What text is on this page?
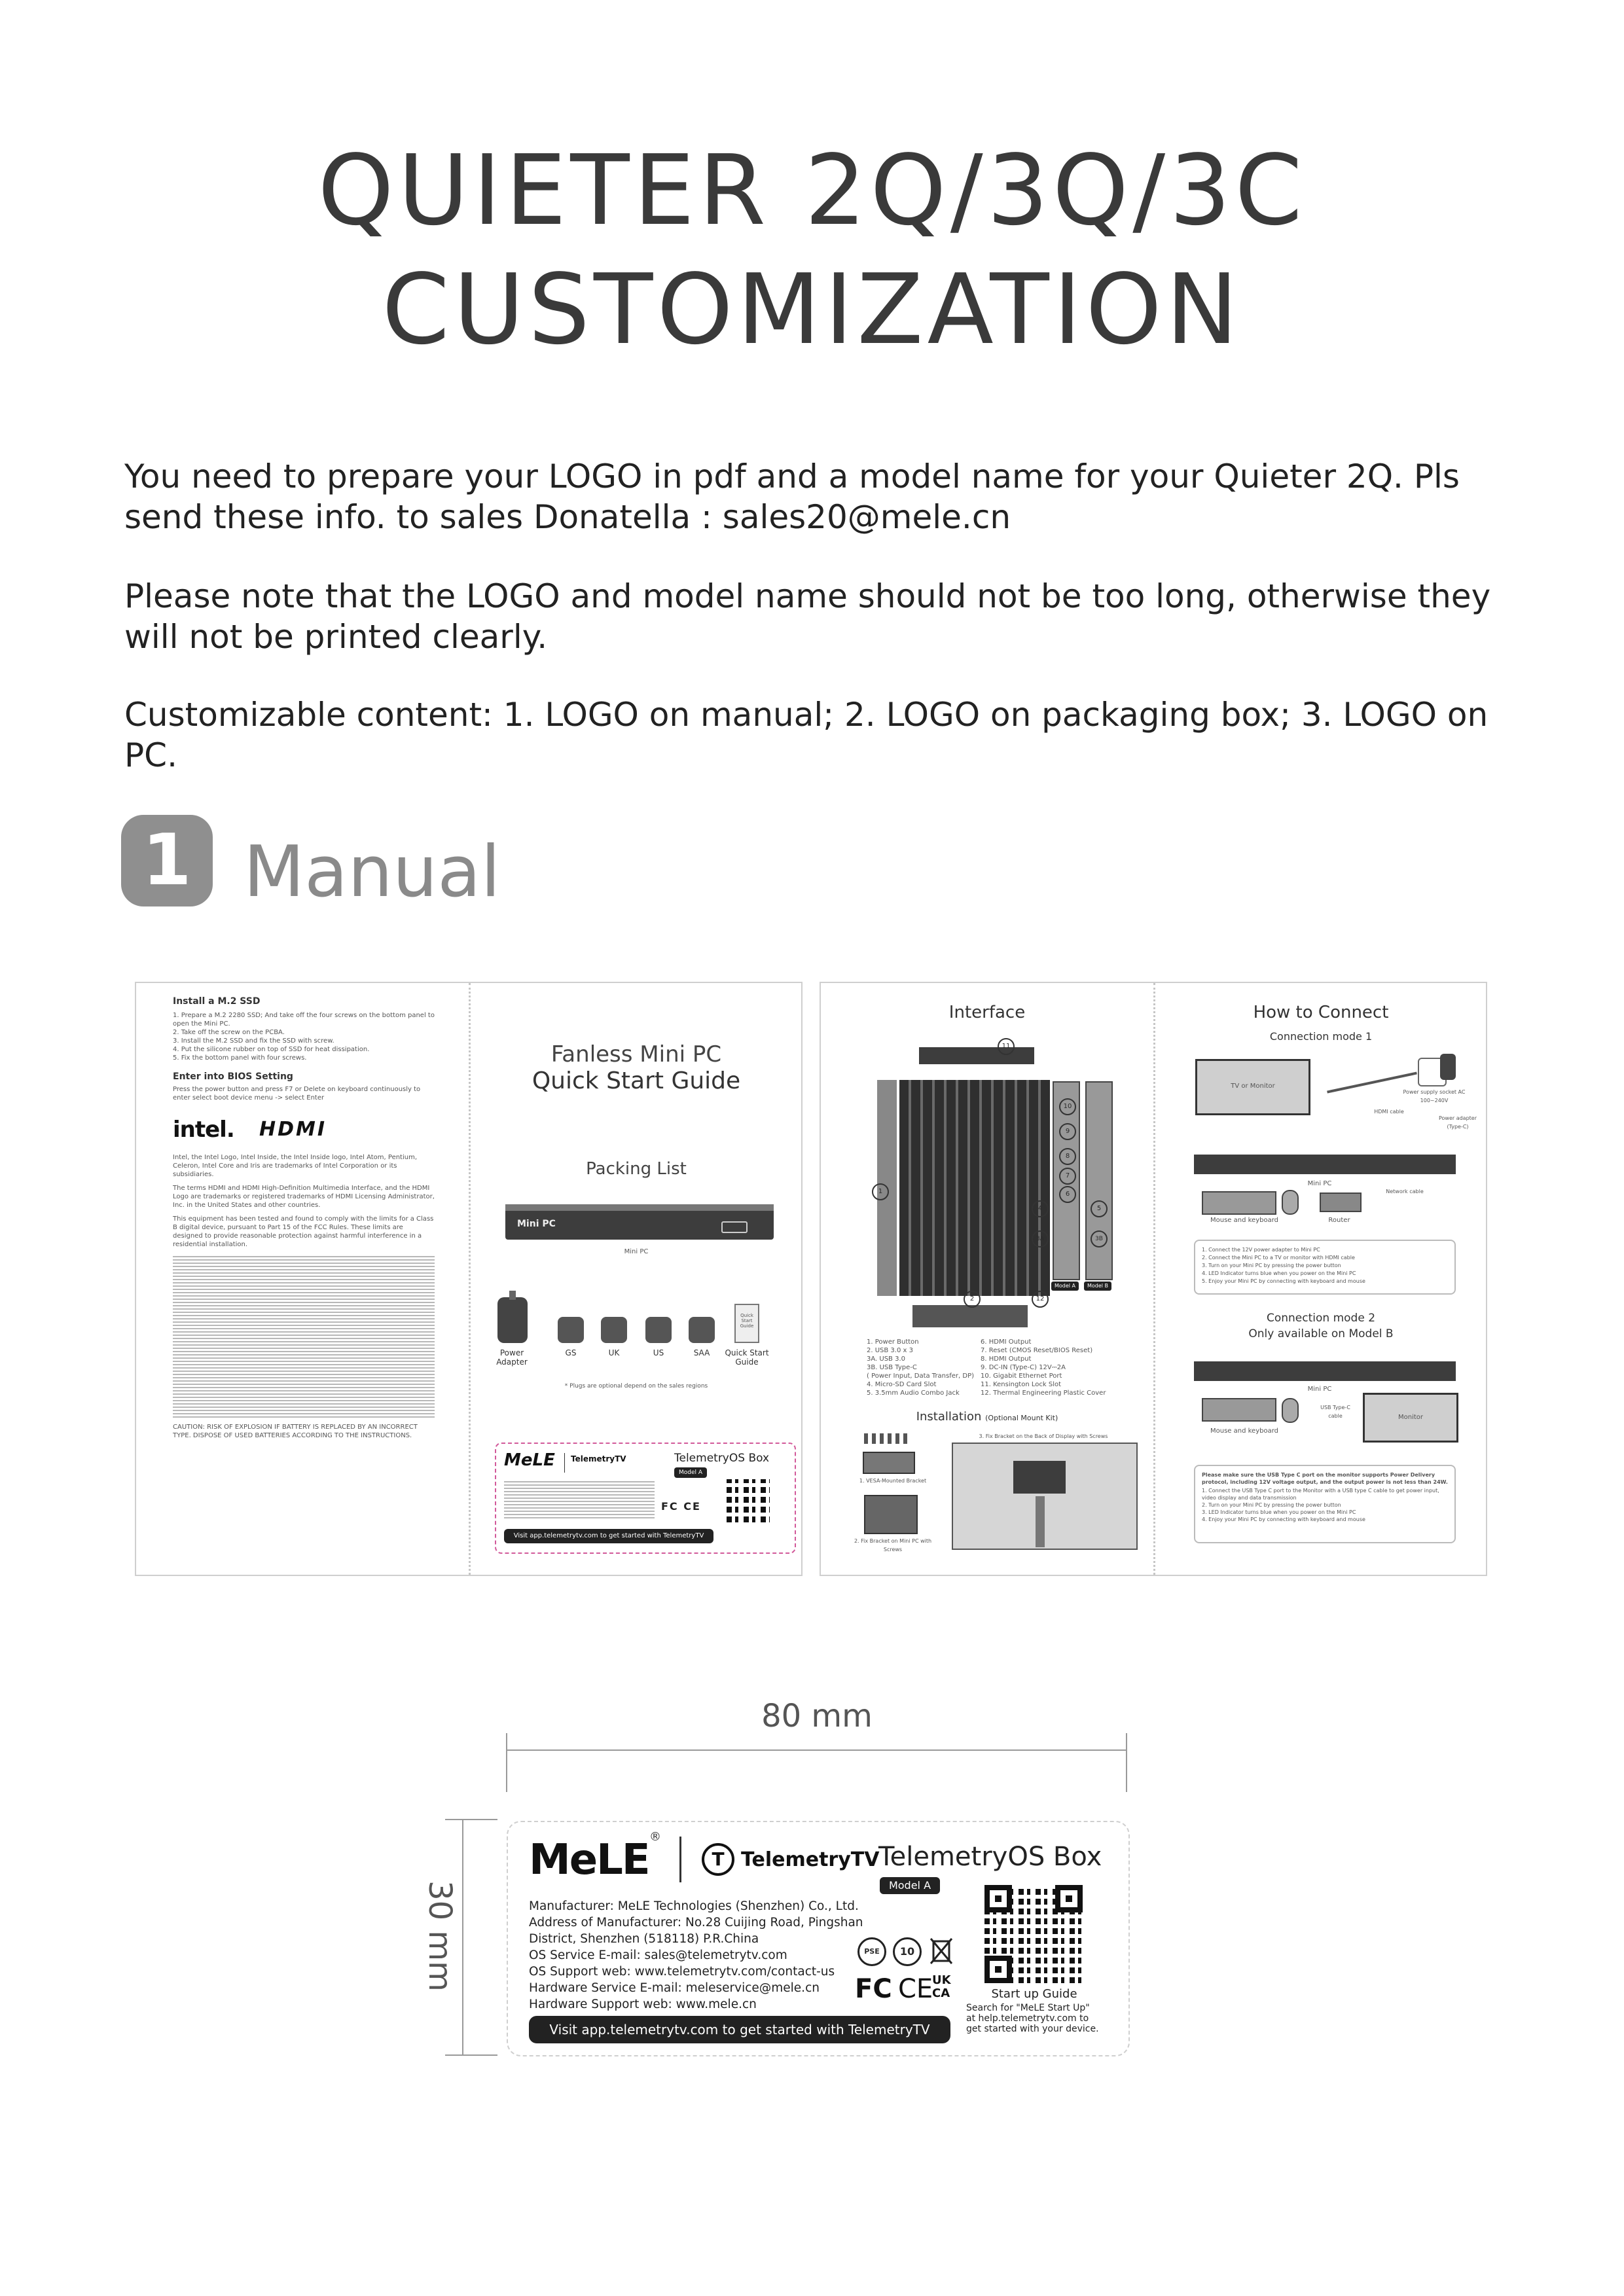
QUIETER 2Q/3Q/3C
CUSTOMIZATION
You need to prepare your LOGO in pdf and a model name for your Quieter 2Q. Pls send these info. to sales Donatella : sales20@mele.cn
Please note that the LOGO and model name should not be too long, otherwise they will not be printed clearly.
Customizable content: 1. LOGO on manual; 2. LOGO on packaging box; 3. LOGO on PC.
1 Manual
Install a M.2 SSD
1. Prepare a M.2 2280 SSD; And take off the four screws on the bottom panel to open the Mini PC.
2. Take off the screw on the PCBA.
3. Install the M.2 SSD and fix the SSD with screw.
4. Put the silicone rubber on top of SSD for heat dissipation.
5. Fix the bottom panel with four screws.
Enter into BIOS Setting
Press the power button and press F7 or Delete on keyboard continuously to enter select boot device menu -> select Enter
intel. HDMI
Intel, the Intel Logo, Intel Inside, the Intel Inside logo, Intel Atom, Pentium, Celeron, Intel Core and Iris are trademarks of Intel Corporation or its subsidiaries.
The terms HDMI and HDMI High-Definition Multimedia Interface, and the HDMI Logo are trademarks or registered trademarks of HDMI Licensing Administrator, Inc. in the United States and other countries.
This equipment has been tested and found to comply with the limits for a Class B digital device, pursuant to Part 15 of the FCC Rules. These limits are designed to provide reasonable protection against harmful interference in a residential installation.
CAUTION: RISK OF EXPLOSION IF BATTERY IS REPLACED BY AN INCORRECT TYPE. DISPOSE OF USED BATTERIES ACCORDING TO THE INSTRUCTIONS.
Fanless Mini PC
Quick Start Guide
Packing List
Mini PC
Mini PC
Quick Start Guide
Power Adapter
GS	UK	US	SAA	Quick Start Guide
* Plugs are optional depend on the sales regions
MeLE TelemetryTV	TelemetryOS Box
Model A
FC CE
Visit app.telemetrytv.com to get started with TelemetryTV
Interface
Model A	Model B
11
10
9
8
7
6
5
3B
4
3A
1
2	12
1. Power Button
2. USB 3.0 x 3
3A. USB 3.0
3B. USB Type-C
( Power Input, Data Transfer, DP)
4. Micro-SD Card Slot
5. 3.5mm Audio Combo Jack
6. HDMI Output
7. Reset (CMOS Reset/BIOS Reset)
8. HDMI Output
9. DC-IN (Type-C) 12V⎓2A
10. Gigabit Ethernet Port
11. Kensington Lock Slot
12. Thermal Engineering Plastic Cover
Installation (Optional Mount Kit)
1. VESA-Mounted Bracket
2. Fix Bracket on Mini PC with Screws
3. Fix Bracket on the Back of Display with Screws
How to Connect
Connection mode 1
TV or Monitor
HDMI cable
Power supply socket AC 100~240V
Power adapter (Type-C)
Mini PC
Mouse and keyboard	Router
Network cable
1. Connect the 12V power adapter to Mini PC
2. Connect the Mini PC to a TV or monitor with HDMI cable
3. Turn on your Mini PC by pressing the power button
4. LED Indicator turns blue when you power on the Mini PC
5. Enjoy your Mini PC by connecting with keyboard and mouse
Connection mode 2
Only available on Model B
Mini PC
Mouse and keyboard
USB Type-C cable	Monitor
Please make sure the USB Type C port on the monitor supports Power Delivery protocol, including 12V voltage output, and the output power is not less than 24W.
1. Connect the USB Type C port to the Monitor with a USB type C cable to get power input, video display and data transmission
2. Turn on your Mini PC by pressing the power button
3. LED Indicator turns blue when you power on the Mini PC
4. Enjoy your Mini PC by connecting with keyboard and mouse
80 mm
30 mm
MeLE ®
T TelemetryTV
TelemetryOS Box
Model A
Manufacturer: MeLE Technologies (Shenzhen) Co., Ltd.
Address of Manufacturer: No.28 Cuijing Road, Pingshan
District, Shenzhen (518118) P.R.China
OS Service E-mail: sales@telemetrytv.com
OS Support web: www.telemetrytv.com/contact-us
Hardware Service E-mail: meleservice@mele.cn
Hardware Support web: www.mele.cn
PSE	10
FC CE
UK CA	Start up Guide
Search for "MeLE Start Up"
at help.telemetrytv.com to
get started with your device.
Visit app.telemetrytv.com to get started with TelemetryTV
